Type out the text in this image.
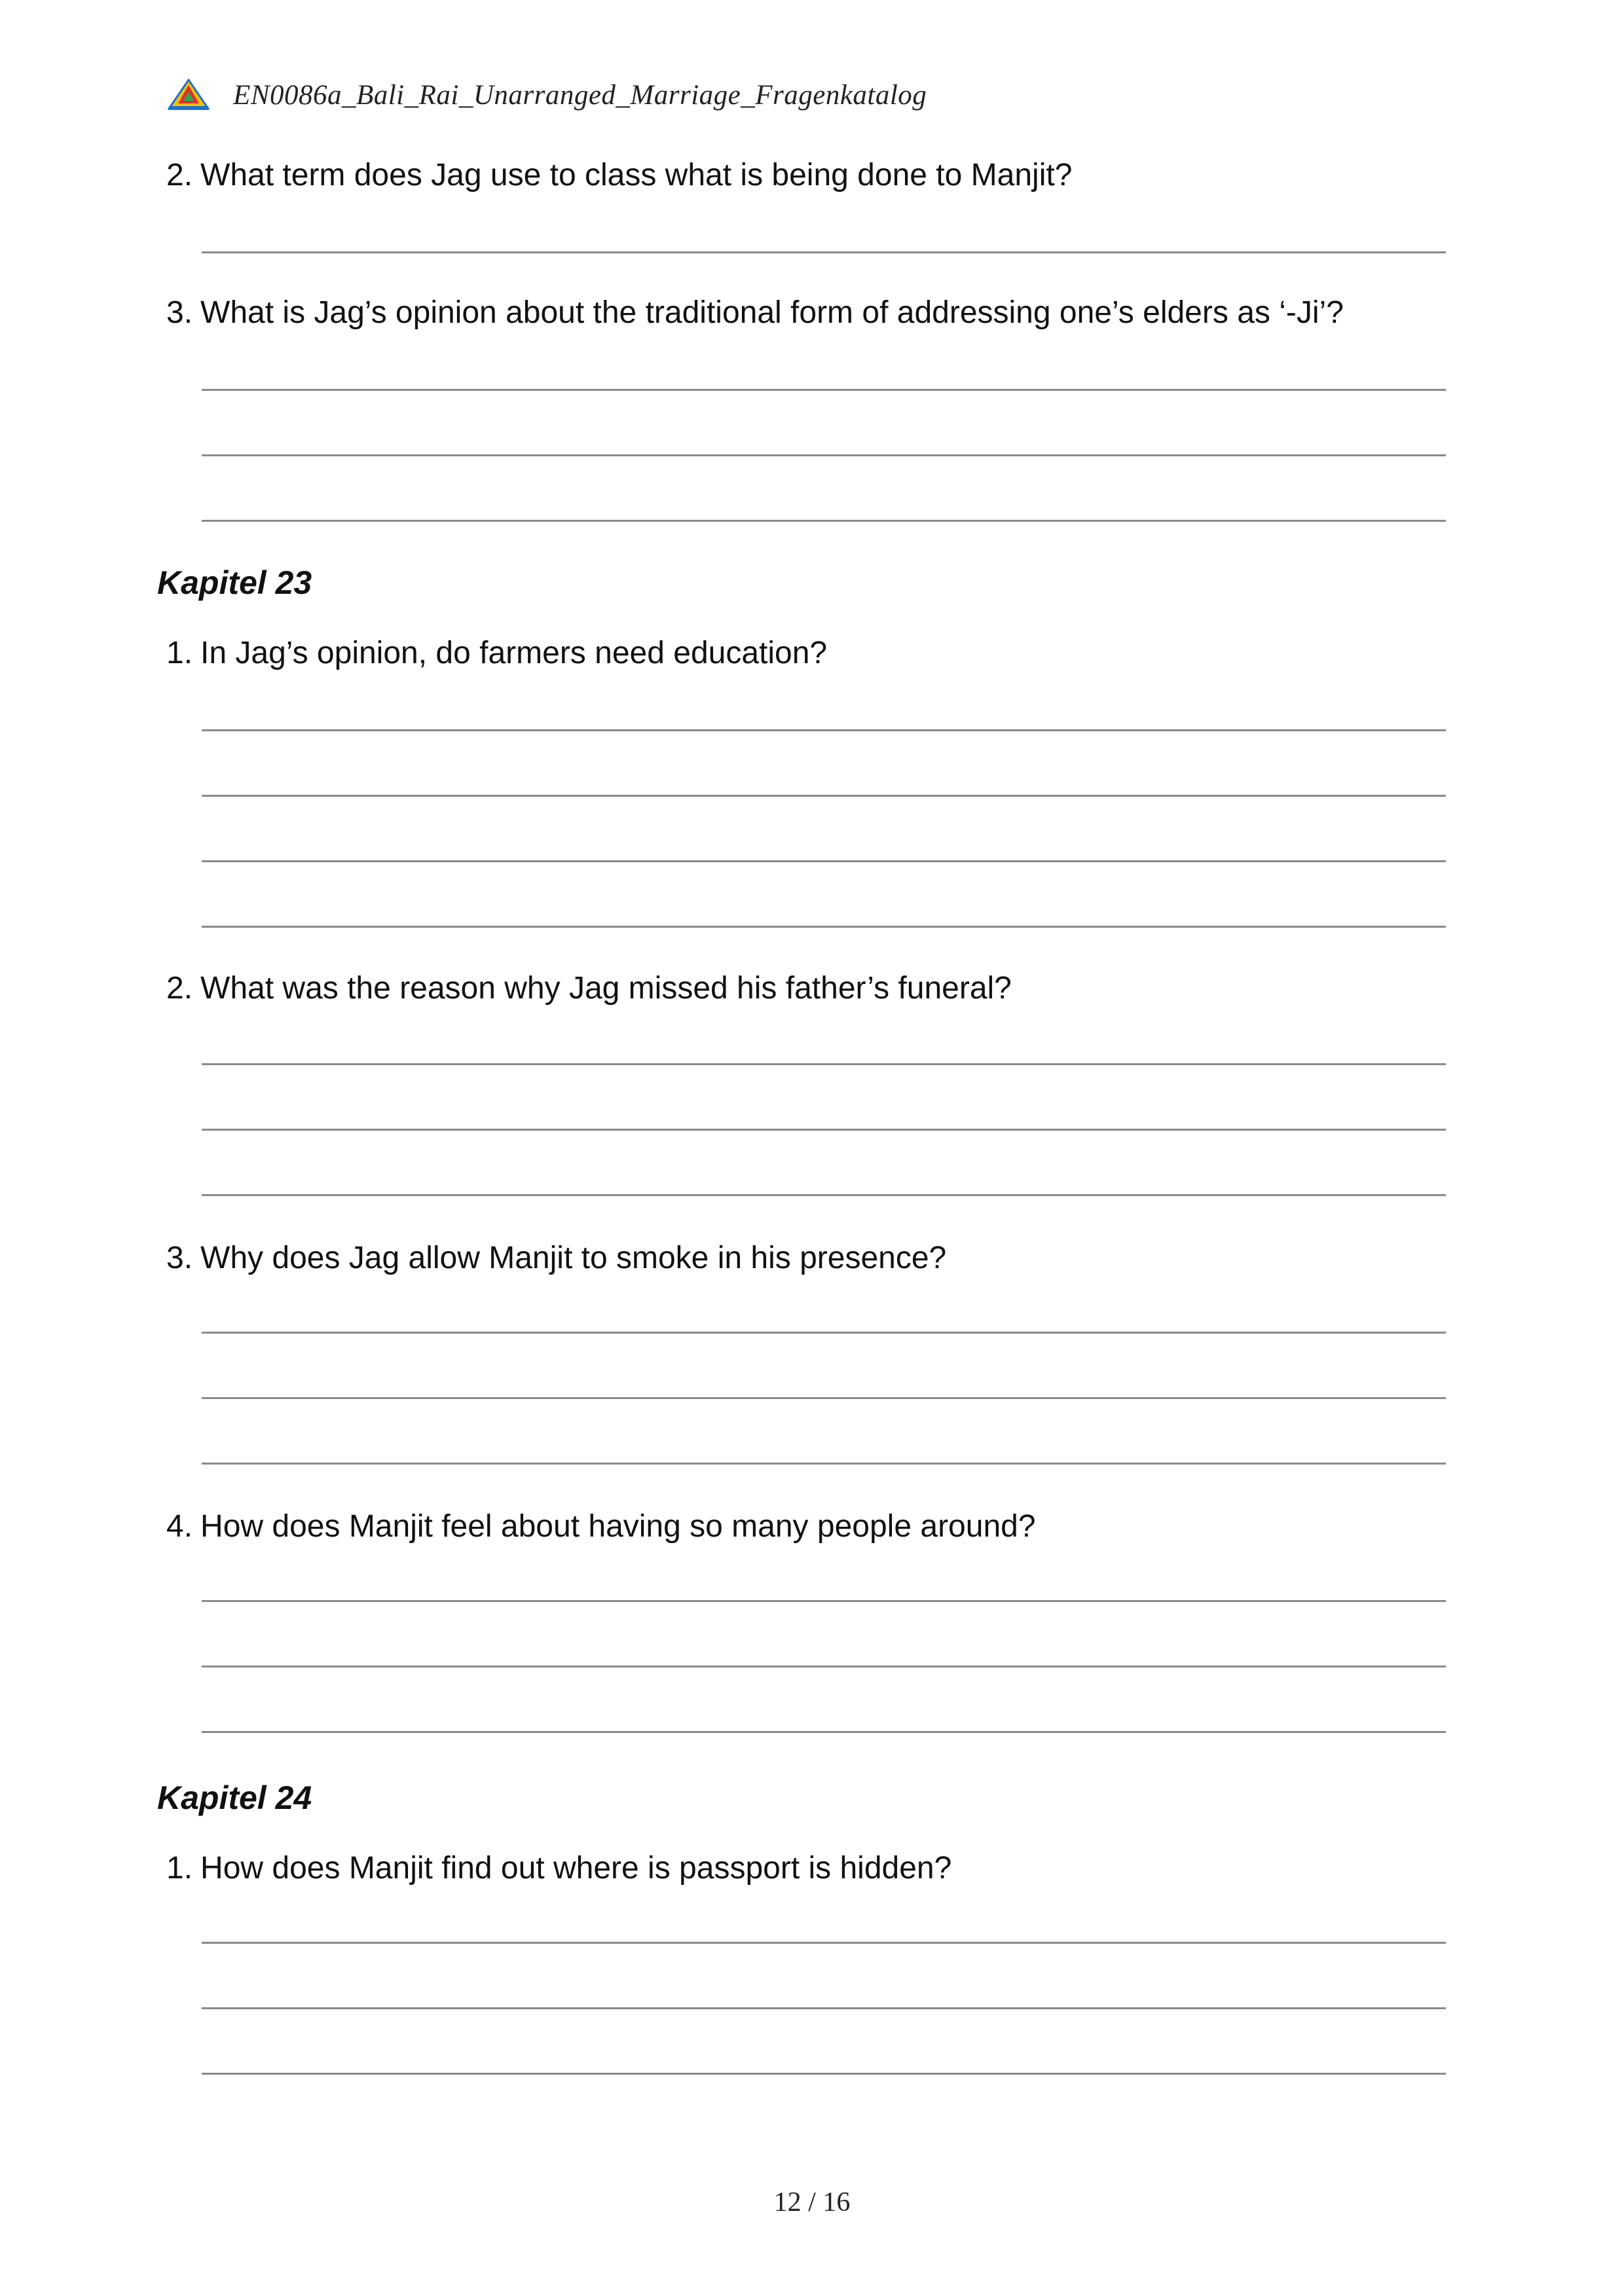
EN0086a_Bali_Rai_Unarranged_Marriage_Fragenkatalog
2. What term does Jag use to class what is being done to Manjit?
3. What is Jag’s opinion about the traditional form of addressing one’s elders as ‘-Ji’?
Kapitel 23
1. In Jag’s opinion, do farmers need education?
2. What was the reason why Jag missed his father’s funeral?
3. Why does Jag allow Manjit to smoke in his presence?
4. How does Manjit feel about having so many people around?
Kapitel 24
1. How does Manjit find out where is passport is hidden?
12 / 16
